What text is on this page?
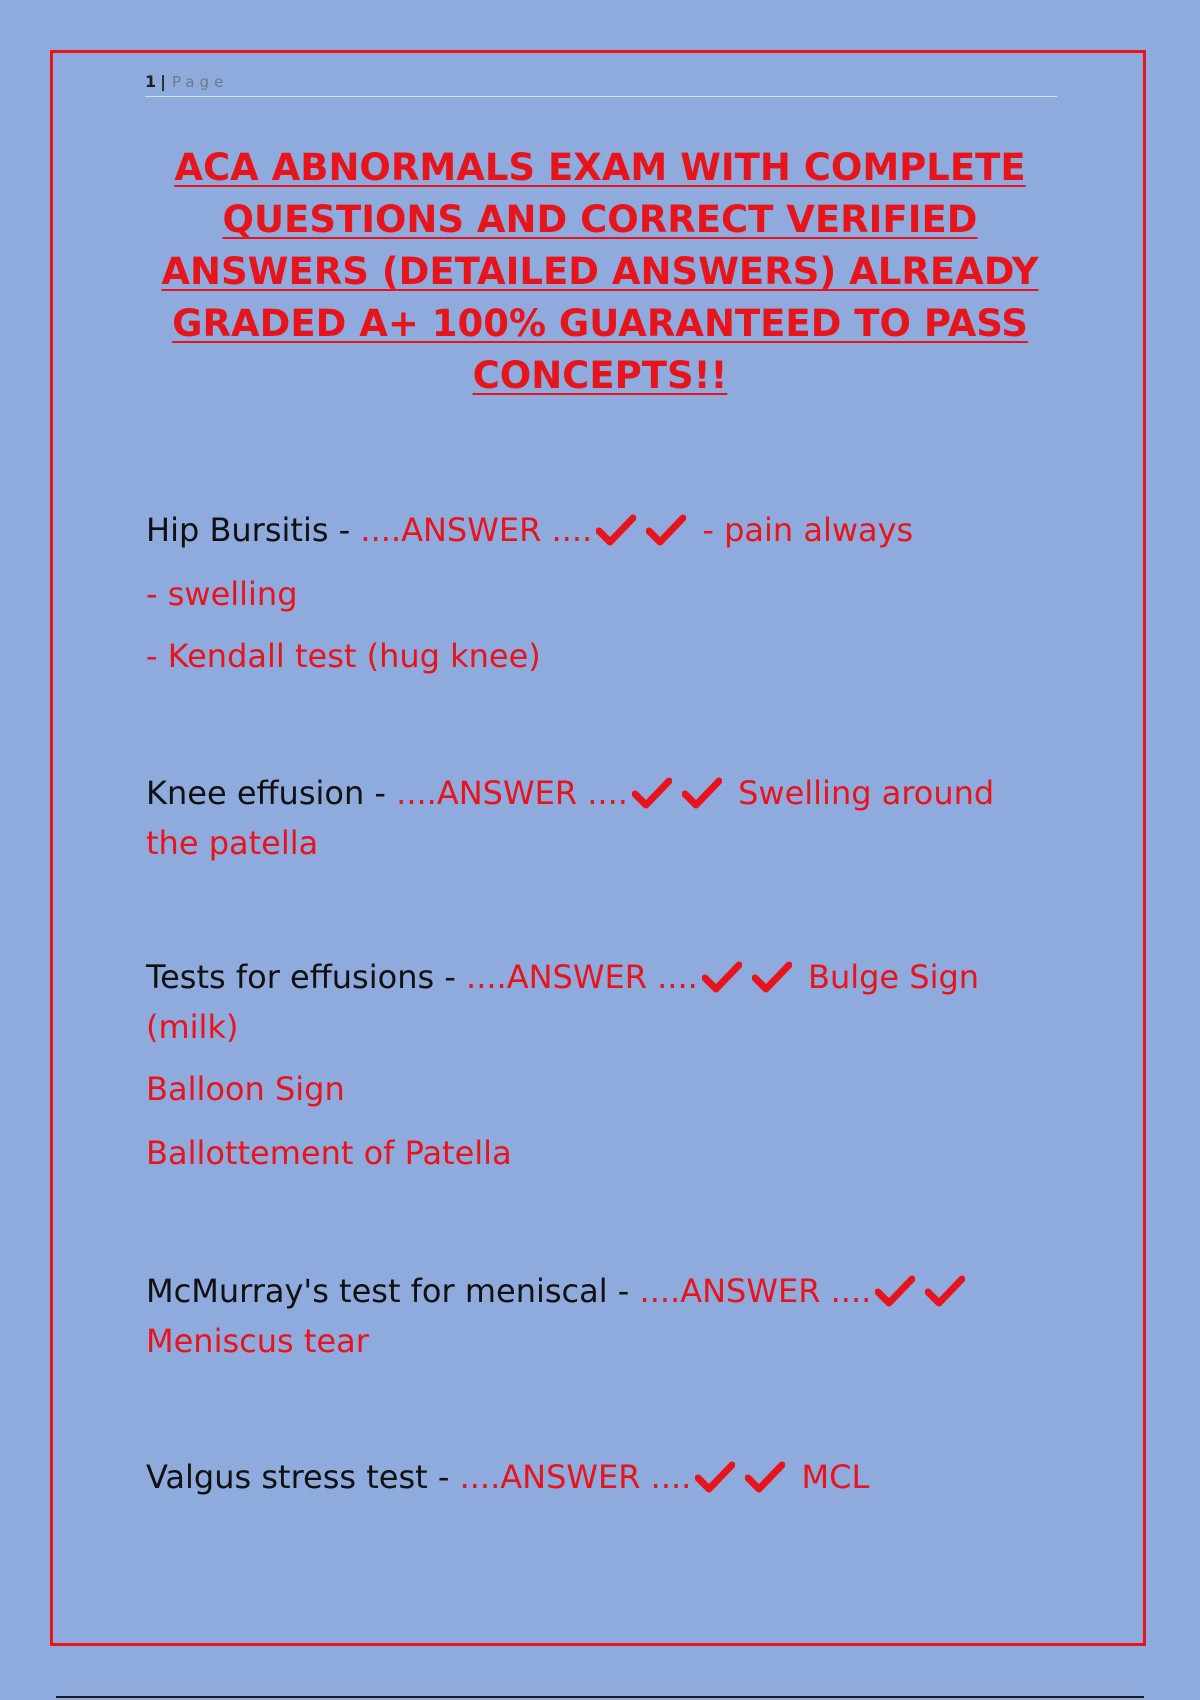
1 | Page
ACA ABNORMALS EXAM WITH COMPLETE QUESTIONS AND CORRECT VERIFIED ANSWERS (DETAILED ANSWERS) ALREADY GRADED A+ 100% GUARANTEED TO PASS CONCEPTS!!
Hip Bursitis - ....ANSWER ....	- pain always
- swelling
- Kendall test (hug knee)
Knee effusion - ....ANSWER ....	Swelling around the patella
Tests for effusions - ....ANSWER ....	Bulge Sign (milk)
Balloon Sign
Ballottement of Patella
McMurray's test for meniscal - ....ANSWER .... Meniscus tear
Valgus stress test - ....ANSWER ....	MCL
